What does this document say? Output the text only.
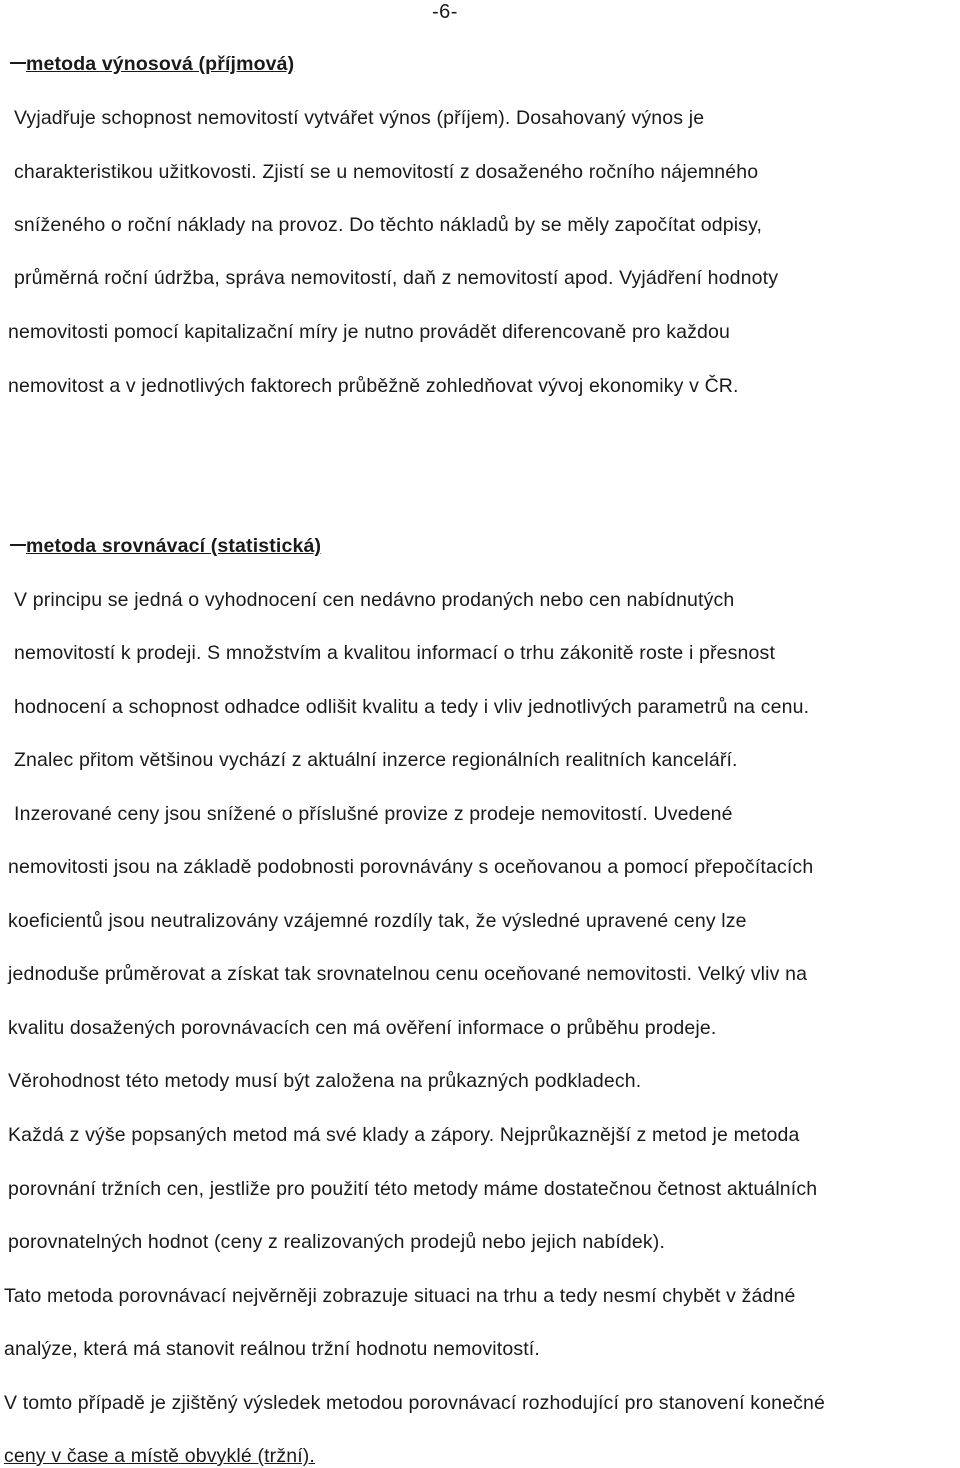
-6-
metoda výnosová (příjmová)
Vyjadřuje schopnost nemovitostí vytvářet výnos (příjem). Dosahovaný výnos je
charakteristikou užitkovosti. Zjistí se u nemovitostí z dosaženého ročního nájemného
sníženého o roční náklady na provoz. Do těchto nákladů by se měly započítat odpisy,
průměrná roční údržba, správa nemovitostí, daň z nemovitostí apod. Vyjádření hodnoty
nemovitosti pomocí kapitalizační míry je nutno provádět diferencovaně pro každou
nemovitost a v jednotlivých faktorech průběžně zohledňovat vývoj ekonomiky v ČR.
metoda srovnávací (statistická)
V principu se jedná o vyhodnocení cen nedávno prodaných nebo cen nabídnutých
nemovitostí k prodeji. S množstvím a kvalitou informací o trhu zákonitě roste i přesnost
hodnocení a schopnost odhadce odlišit kvalitu a tedy i vliv jednotlivých parametrů na cenu.
Znalec přitom většinou vychází z aktuální inzerce regionálních realitních kanceláří.
Inzerované ceny jsou snížené o příslušné provize z prodeje nemovitostí. Uvedené
nemovitosti jsou na základě podobnosti porovnávány s oceňovanou a pomocí přepočítacích
koeficientů jsou neutralizovány vzájemné rozdíly tak, že výsledné upravené ceny lze
jednoduše průměrovat a získat tak srovnatelnou cenu oceňované nemovitosti. Velký vliv na
kvalitu dosažených porovnávacích cen má ověření informace o průběhu prodeje.
Věrohodnost této metody musí být založena na průkazných podkladech.
Každá z výše popsaných metod má své klady a zápory. Nejprůkaznější z metod je metoda
porovnání tržních cen, jestliže pro použití této metody máme dostatečnou četnost aktuálních
porovnatelných hodnot (ceny z realizovaných prodejů nebo jejich nabídek).
Tato metoda porovnávací nejvěrněji zobrazuje situaci na trhu a tedy nesmí chybět v žádné
analýze, která má stanovit reálnou tržní hodnotu nemovitostí.
V tomto případě je zjištěný výsledek metodou porovnávací rozhodující pro stanovení konečné
ceny v čase a místě obvyklé (tržní).
